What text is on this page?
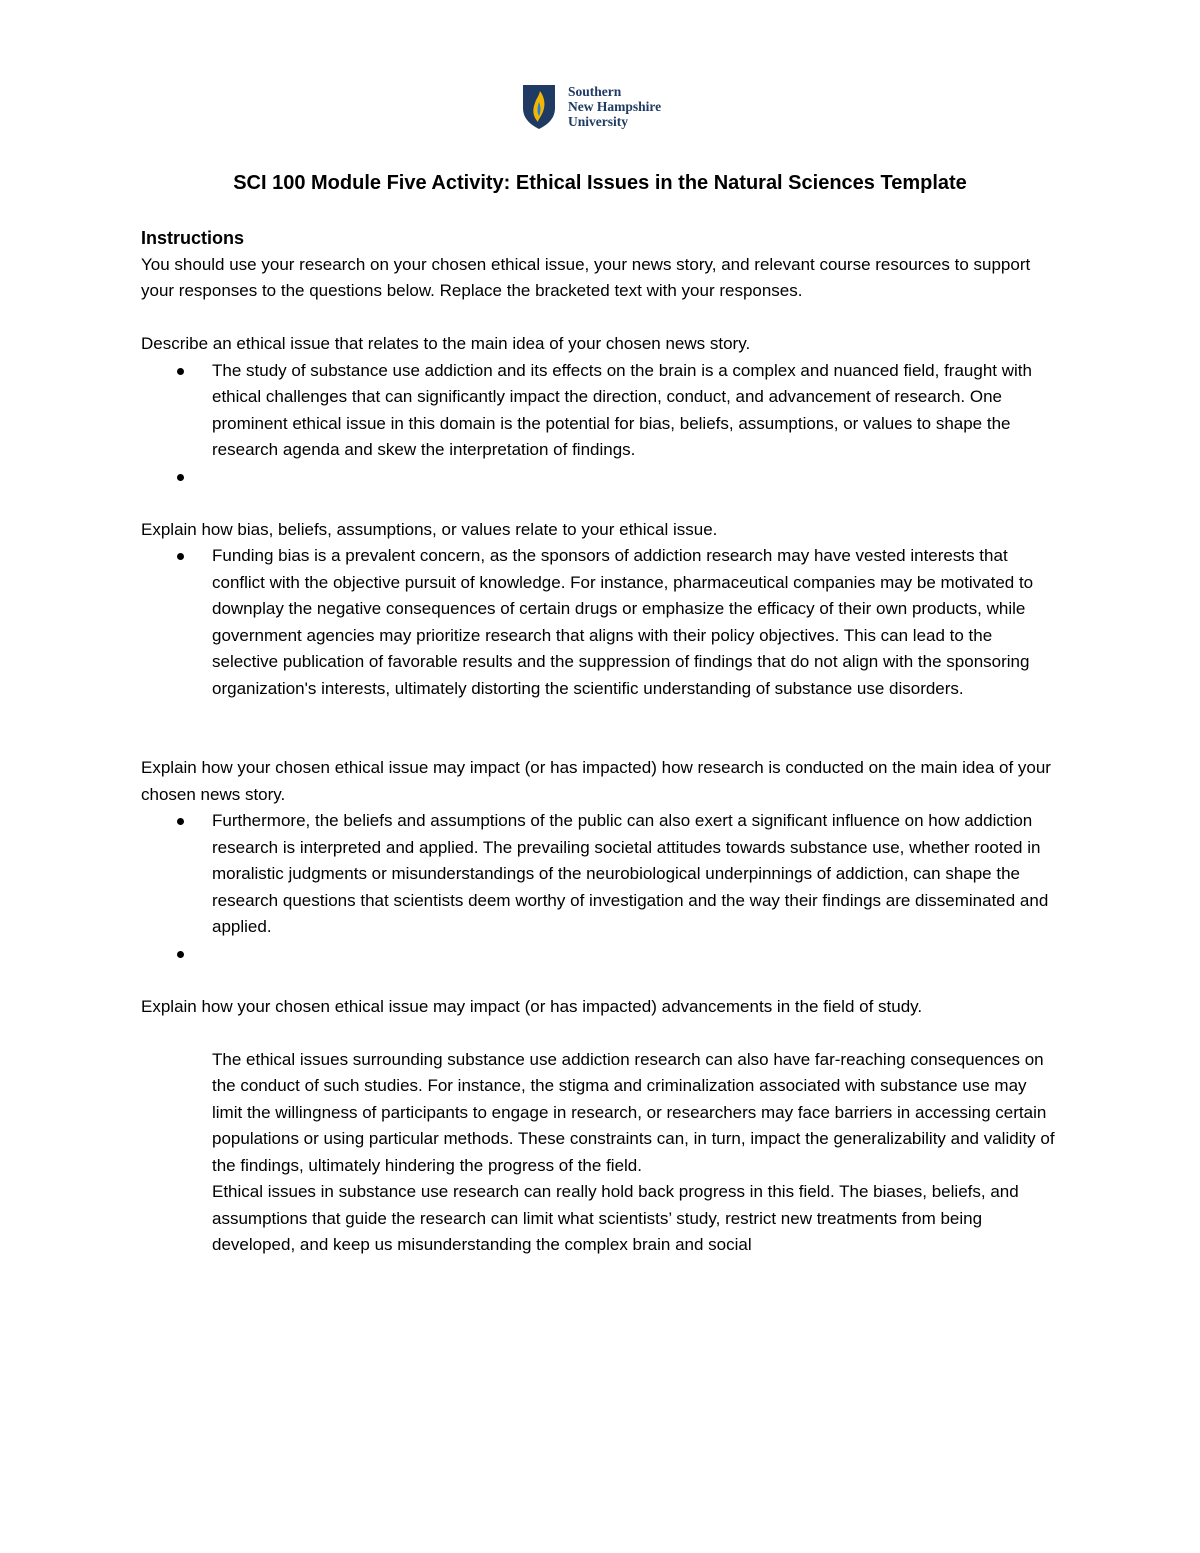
Southern
New Hampshire
University
SCI 100 Module Five Activity: Ethical Issues in the Natural Sciences Template

Instructions

You should use your research on your chosen ethical issue, your news story, and relevant course resources to support your responses to the questions below. Replace the bracketed text with your responses.

Describe an ethical issue that relates to the main idea of your chosen news story.

The study of substance use addiction and its effects on the brain is a complex and nuanced field, fraught with ethical challenges that can significantly impact the direction, conduct, and advancement of research. One prominent ethical issue in this domain is the potential for bias, beliefs, assumptions, or values to shape the research agenda and skew the interpretation of findings.

Explain how bias, beliefs, assumptions, or values relate to your ethical issue.

Funding bias is a prevalent concern, as the sponsors of addiction research may have vested interests that conflict with the objective pursuit of knowledge. For instance, pharmaceutical companies may be motivated to downplay the negative consequences of certain drugs or emphasize the efficacy of their own products, while government agencies may prioritize research that aligns with their policy objectives. This can lead to the selective publication of favorable results and the suppression of findings that do not align with the sponsoring organization's interests, ultimately distorting the scientific understanding of substance use disorders.

Explain how your chosen ethical issue may impact (or has impacted) how research is conducted on the main idea of your chosen news story.

Furthermore, the beliefs and assumptions of the public can also exert a significant influence on how addiction research is interpreted and applied. The prevailing societal attitudes towards substance use, whether rooted in moralistic judgments or misunderstandings of the neurobiological underpinnings of addiction, can shape the research questions that scientists deem worthy of investigation and the way their findings are disseminated and applied.

Explain how your chosen ethical issue may impact (or has impacted) advancements in the field of study.

The ethical issues surrounding substance use addiction research can also have far-reaching consequences on the conduct of such studies. For instance, the stigma and criminalization associated with substance use may limit the willingness of participants to engage in research, or researchers may face barriers in accessing certain populations or using particular methods. These constraints can, in turn, impact the generalizability and validity of the findings, ultimately hindering the progress of the field.

Ethical issues in substance use research can really hold back progress in this field. The biases, beliefs, and assumptions that guide the research can limit what scientists’ study, restrict new treatments from being developed, and keep us misunderstanding the complex brain and social
